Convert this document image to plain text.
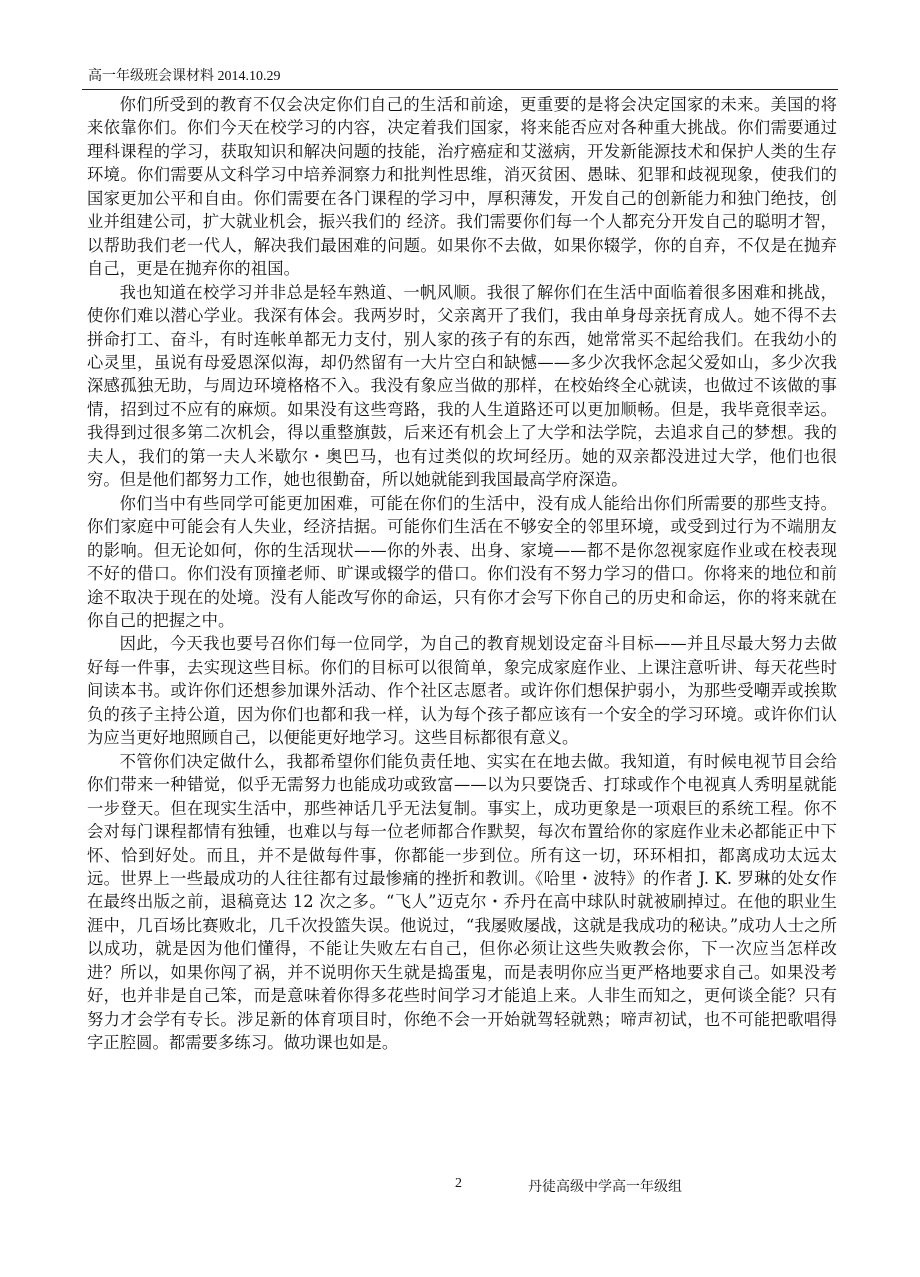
高一年级班会课材料 2014.10.29

你们所受到的教育不仅会决定你们自己的生活和前途，更重要的是将会决定国家的未来。美国的将来依靠你们。你们今天在校学习的内容，决定着我们国家，将来能否应对各种重大挑战。你们需要通过理科课程的学习，获取知识和解决问题的技能，治疗癌症和艾滋病，开发新能源技术和保护人类的生存环境。你们需要从文科学习中培养洞察力和批判性思维，消灭贫困、愚昧、犯罪和歧视现象，使我们的国家更加公平和自由。你们需要在各门课程的学习中，厚积薄发，开发自己的创新能力和独门绝技，创业并组建公司，扩大就业机会，振兴我们的 经济。我们需要你们每一个人都充分开发自己的聪明才智，以帮助我们老一代人，解决我们最困难的问题。如果你不去做，如果你辍学，你的自弃，不仅是在抛弃自己，更是在抛弃你的祖国。

我也知道在校学习并非总是轻车熟道、一帆风顺。我很了解你们在生活中面临着很多困难和挑战，使你们难以潜心学业。我深有体会。我两岁时，父亲离开了我们，我由单身母亲抚育成人。她不得不去拼命打工、奋斗，有时连帐单都无力支付，别人家的孩子有的东西，她常常买不起给我们。在我幼小的心灵里，虽说有母爱恩深似海，却仍然留有一大片空白和缺憾——多少次我怀念起父爱如山，多少次我深感孤独无助，与周边环境格格不入。我没有象应当做的那样，在校始终全心就读，也做过不该做的事情，招到过不应有的麻烦。如果没有这些弯路，我的人生道路还可以更加顺畅。但是，我毕竟很幸运。我得到过很多第二次机会，得以重整旗鼓，后来还有机会上了大学和法学院，去追求自己的梦想。我的夫人，我们的第一夫人米歇尔・奥巴马，也有过类似的坎坷经历。她的双亲都没进过大学，他们也很穷。但是他们都努力工作，她也很勤奋，所以她就能到我国最高学府深造。

你们当中有些同学可能更加困难，可能在你们的生活中，没有成人能给出你们所需要的那些支持。你们家庭中可能会有人失业，经济拮据。可能你们生活在不够安全的邻里环境，或受到过行为不端朋友的影响。但无论如何，你的生活现状——你的外表、出身、家境——都不是你忽视家庭作业或在校表现不好的借口。你们没有顶撞老师、旷课或辍学的借口。你们没有不努力学习的借口。你将来的地位和前途不取决于现在的处境。没有人能改写你的命运，只有你才会写下你自己的历史和命运，你的将来就在你自己的把握之中。

因此，今天我也要号召你们每一位同学，为自己的教育规划设定奋斗目标——并且尽最大努力去做好每一件事，去实现这些目标。你们的目标可以很简单，象完成家庭作业、上课注意听讲、每天花些时间读本书。或许你们还想参加课外活动、作个社区志愿者。或许你们想保护弱小，为那些受嘲弄或挨欺负的孩子主持公道，因为你们也都和我一样，认为每个孩子都应该有一个安全的学习环境。或许你们认为应当更好地照顾自己，以便能更好地学习。这些目标都很有意义。

不管你们决定做什么，我都希望你们能负责任地、实实在在地去做。我知道，有时候电视节目会给你们带来一种错觉，似乎无需努力也能成功或致富——以为只要饶舌、打球或作个电视真人秀明星就能一步登天。但在现实生活中，那些神话几乎无法复制。事实上，成功更象是一项艰巨的系统工程。你不会对每门课程都情有独锺，也难以与每一位老师都合作默契，每次布置给你的家庭作业未必都能正中下怀、恰到好处。而且，并不是做每件事，你都能一步到位。所有这一切，环环相扣，都离成功太远太远。世界上一些最成功的人往往都有过最惨痛的挫折和教训。《哈里・波特》的作者 J. K. 罗琳的处女作在最终出版之前，退稿竟达 12 次之多。“飞人”迈克尔・乔丹在高中球队时就被刷掉过。在他的职业生涯中，几百场比赛败北，几千次投篮失误。他说过，“我屡败屡战，这就是我成功的秘诀。”成功人士之所以成功，就是因为他们懂得，不能让失败左右自己，但你必须让这些失败教会你，下一次应当怎样改进？所以，如果你闯了祸，并不说明你天生就是捣蛋鬼，而是表明你应当更严格地要求自己。如果没考好，也并非是自己笨，而是意味着你得多花些时间学习才能追上来。人非生而知之，更何谈全能？只有努力才会学有专长。涉足新的体育项目时，你绝不会一开始就驾轻就熟；啼声初试，也不可能把歌唱得字正腔圆。都需要多练习。做功课也如是。

2	丹徒高级中学高一年级组
